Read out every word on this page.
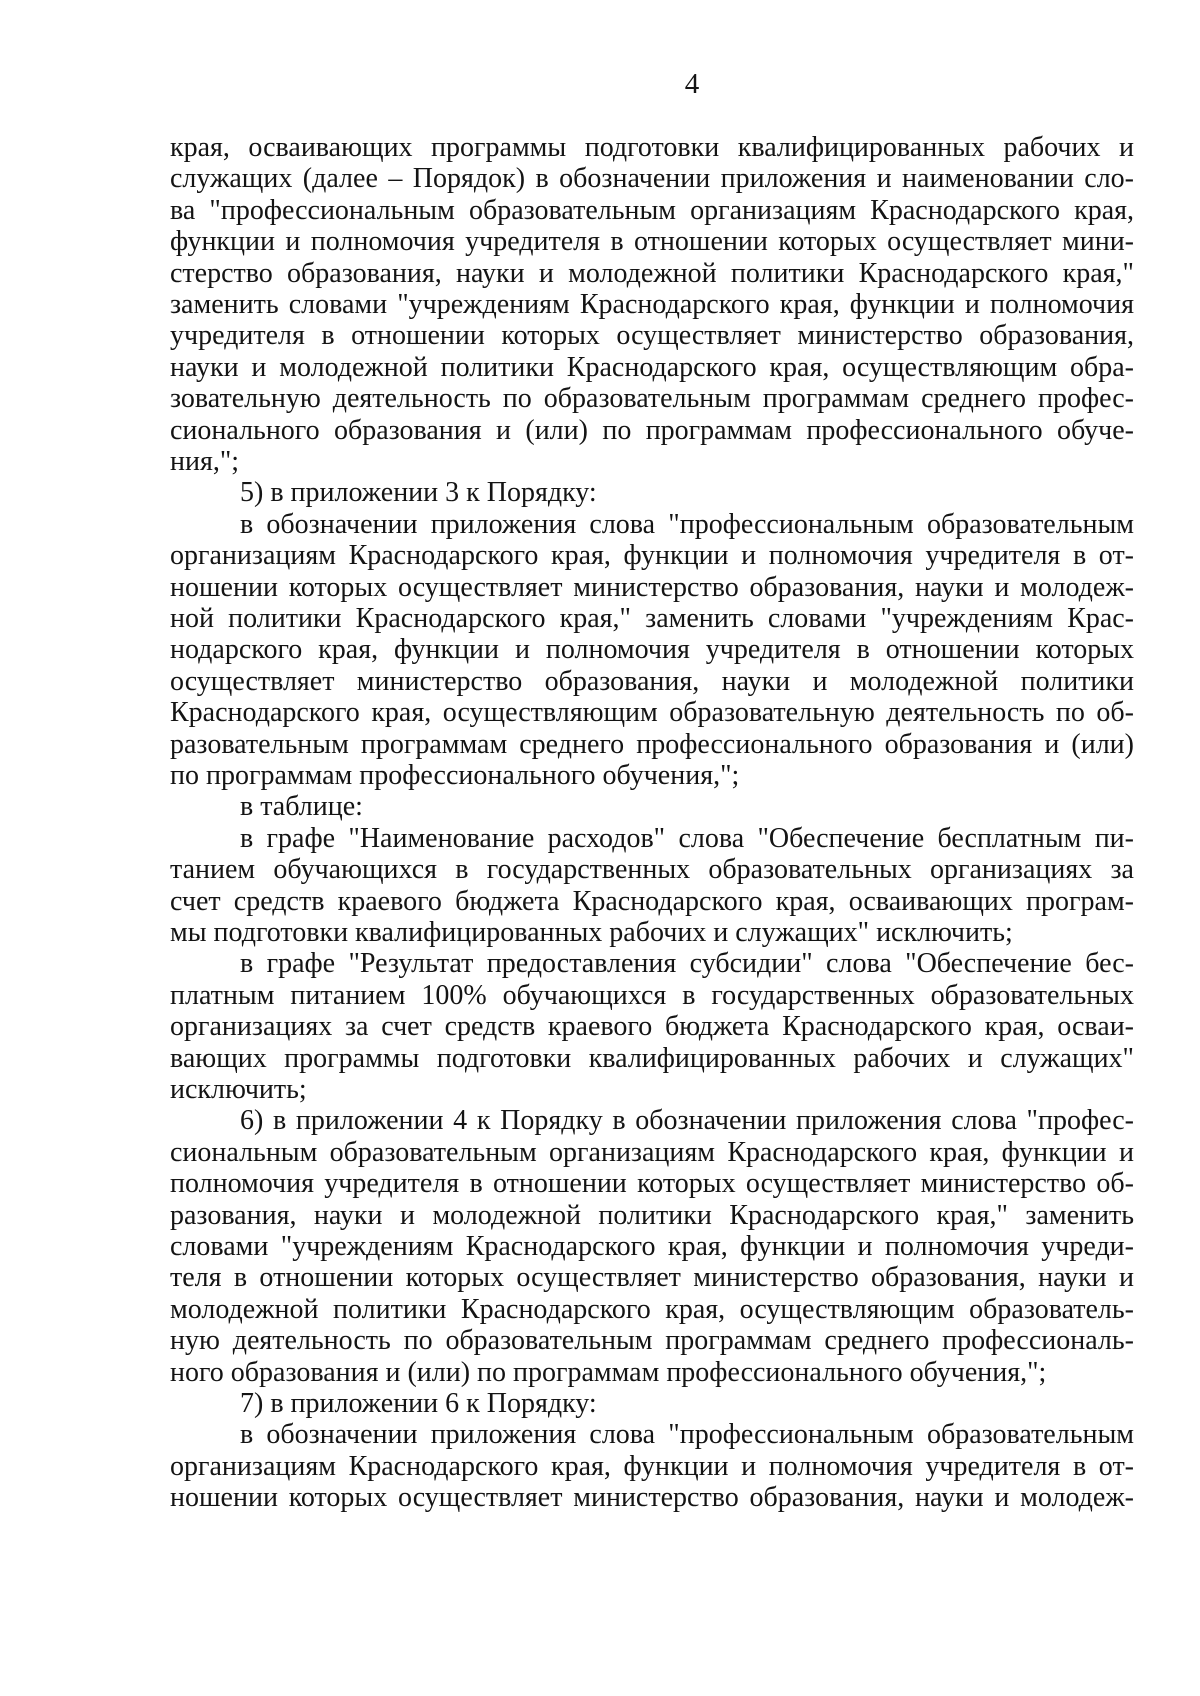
4
края, осваивающих программы подготовки квалифицированных рабочих и
служащих (далее – Порядок) в обозначении приложения и наименовании сло-
ва "профессиональным образовательным организациям Краснодарского края,
функции и полномочия учредителя в отношении которых осуществляет мини-
стерство образования, науки и молодежной политики Краснодарского края,"
заменить словами "учреждениям Краснодарского края, функции и полномочия
учредителя в отношении которых осуществляет министерство образования,
науки и молодежной политики Краснодарского края, осуществляющим обра-
зовательную деятельность по образовательным программам среднего профес-
сионального образования и (или) по программам профессионального обуче-
ния,";
5) в приложении 3 к Порядку:
в обозначении приложения слова "профессиональным образовательным
организациям Краснодарского края, функции и полномочия учредителя в от-
ношении которых осуществляет министерство образования, науки и молодеж-
ной политики Краснодарского края," заменить словами "учреждениям Крас-
нодарского края, функции и полномочия учредителя в отношении которых
осуществляет министерство образования, науки и молодежной политики
Краснодарского края, осуществляющим образовательную деятельность по об-
разовательным программам среднего профессионального образования и (или)
по программам профессионального обучения,";
в таблице:
в графе "Наименование расходов" слова "Обеспечение бесплатным пи-
танием обучающихся в государственных образовательных организациях за
счет средств краевого бюджета Краснодарского края, осваивающих програм-
мы подготовки квалифицированных рабочих и служащих" исключить;
в графе "Результат предоставления субсидии" слова "Обеспечение бес-
платным питанием 100% обучающихся в государственных образовательных
организациях за счет средств краевого бюджета Краснодарского края, осваи-
вающих программы подготовки квалифицированных рабочих и служащих"
исключить;
6) в приложении 4 к Порядку в обозначении приложения слова "профес-
сиональным образовательным организациям Краснодарского края, функции и
полномочия учредителя в отношении которых осуществляет министерство об-
разования, науки и молодежной политики Краснодарского края," заменить
словами "учреждениям Краснодарского края, функции и полномочия учреди-
теля в отношении которых осуществляет министерство образования, науки и
молодежной политики Краснодарского края, осуществляющим образователь-
ную деятельность по образовательным программам среднего профессиональ-
ного образования и (или) по программам профессионального обучения,";
7) в приложении 6 к Порядку:
в обозначении приложения слова "профессиональным образовательным
организациям Краснодарского края, функции и полномочия учредителя в от-
ношении которых осуществляет министерство образования, науки и молодеж-
